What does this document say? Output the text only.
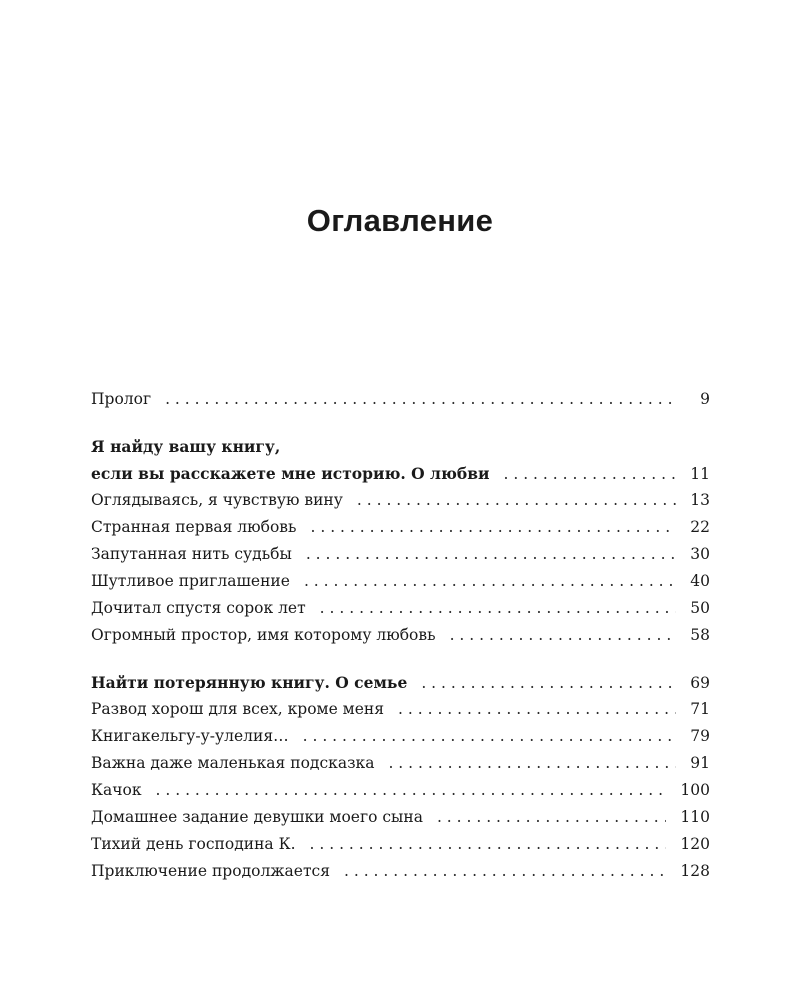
Оглавление
Пролог . . .	9
Я найду вашу книгу,
если вы расскажете мне историю. О любви . . .	11
Оглядываясь, я чувствую вину . . .	13
Странная первая любовь . . .	22
Запутанная нить судьбы . . .	30
Шутливое приглашение . . .	40
Дочитал спустя сорок лет . . .	50
Огромный простор, имя которому любовь . . .	58
Найти потерянную книгу. О семье . . .	69
Развод хорош для всех, кроме меня . . .	71
Книгакельгу-у-улелия… . . .	79
Важна даже маленькая подсказка . . .	91
Качок . . .	100
Домашнее задание девушки моего сына . . .	110
Тихий день господина К. . . .	120
Приключение продолжается . . .	128
